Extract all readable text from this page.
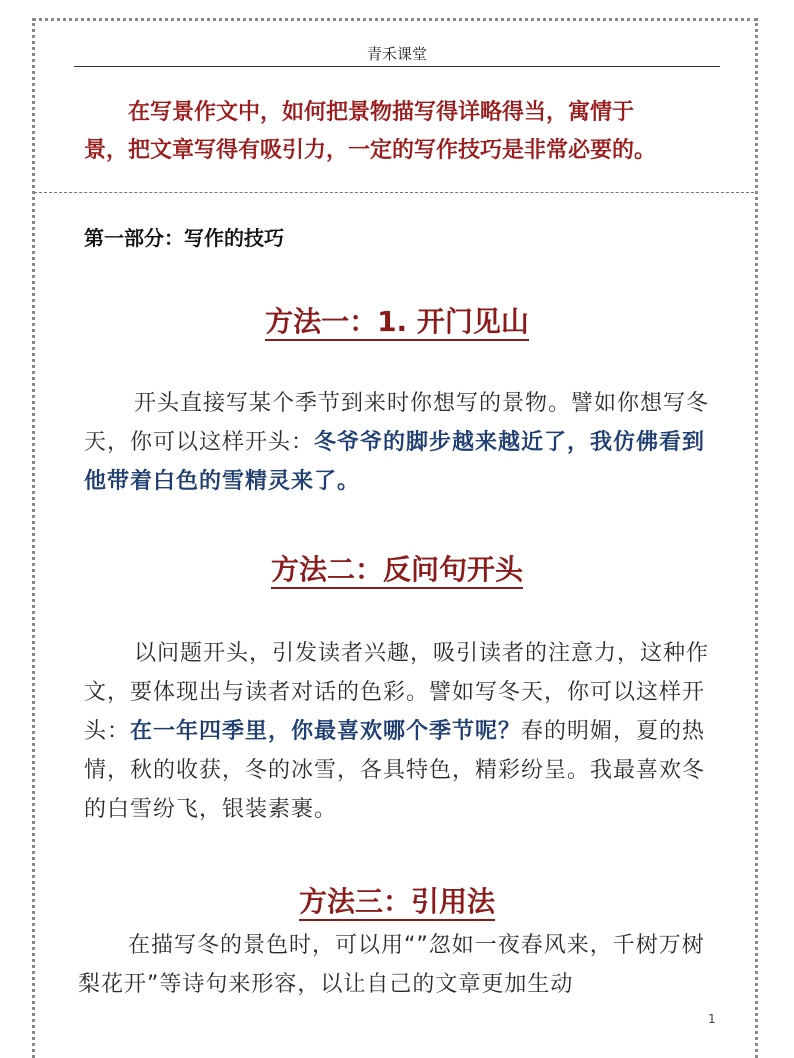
青禾课堂
在写景作文中，如何把景物描写得详略得当，寓情于
景，把文章写得有吸引力，一定的写作技巧是非常必要的。
第一部分：写作的技巧
方法一：1. 开门见山
开头直接写某个季节到来时你想写的景物。譬如你想写冬天，你可以这样开头：冬爷爷的脚步越来越近了，我仿佛看到他带着白色的雪精灵来了。
方法二：反问句开头
以问题开头，引发读者兴趣，吸引读者的注意力，这种作文，要体现出与读者对话的色彩。譬如写冬天，你可以这样开头：在一年四季里，你最喜欢哪个季节呢？春的明媚，夏的热情，秋的收获，冬的冰雪，各具特色，精彩纷呈。我最喜欢冬的白雪纷飞，银装素裹。
方法三：引用法
在描写冬的景色时，可以用“”忽如一夜春风来，千树万树梨花开”等诗句来形容，以让自己的文章更加生动
1
